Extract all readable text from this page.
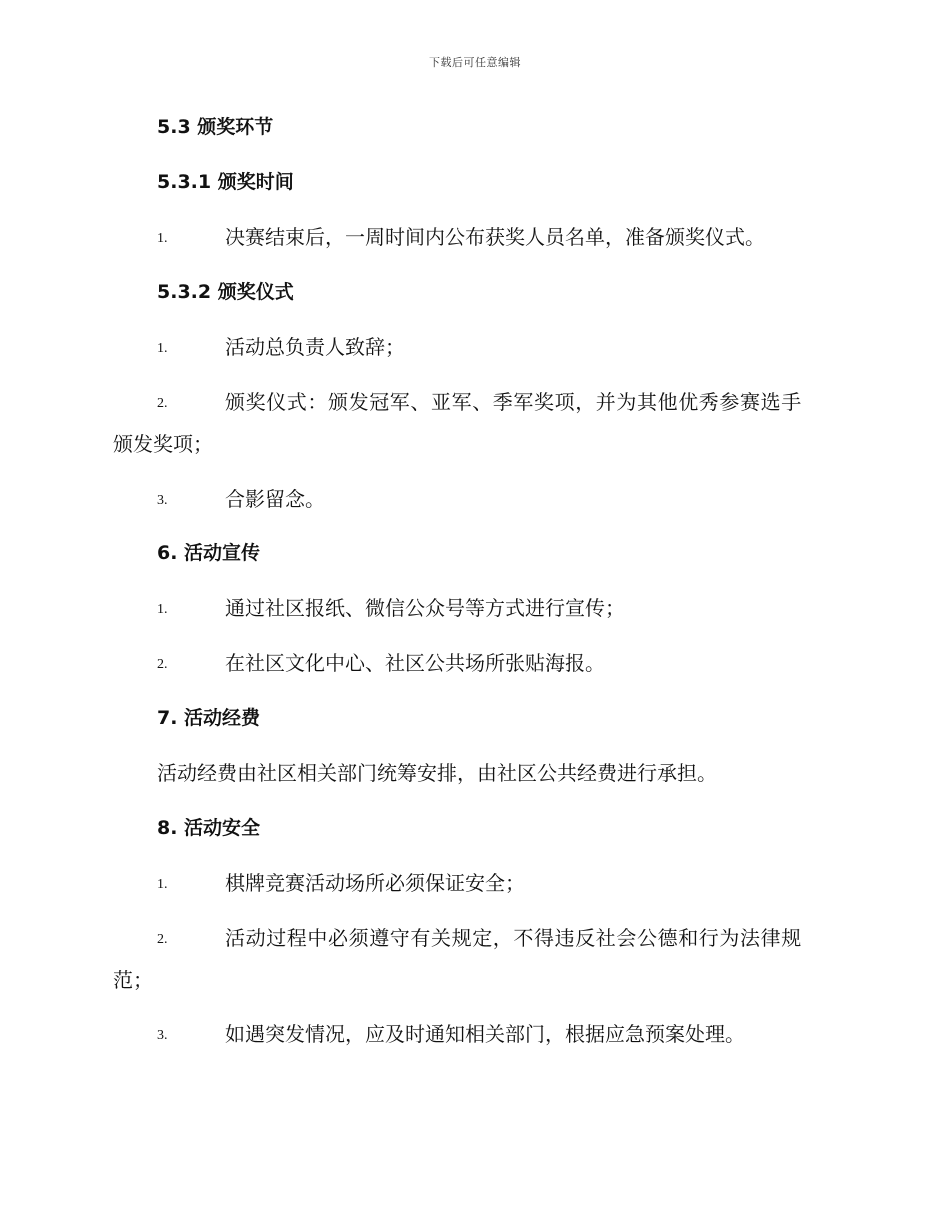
下载后可任意编辑
5.3 颁奖环节
5.3.1 颁奖时间
1.	决赛结束后，一周时间内公布获奖人员名单，准备颁奖仪式。
5.3.2 颁奖仪式
1.	活动总负责人致辞；
2.	颁奖仪式：颁发冠军、亚军、季军奖项，并为其他优秀参赛选手
颁发奖项；
3.	合影留念。
6. 活动宣传
1.	通过社区报纸、微信公众号等方式进行宣传；
2.	在社区文化中心、社区公共场所张贴海报。
7. 活动经费
活动经费由社区相关部门统筹安排，由社区公共经费进行承担。
8. 活动安全
1.	棋牌竞赛活动场所必须保证安全；
2.	活动过程中必须遵守有关规定，不得违反社会公德和行为法律规
范；
3.	如遇突发情况，应及时通知相关部门，根据应急预案处理。
